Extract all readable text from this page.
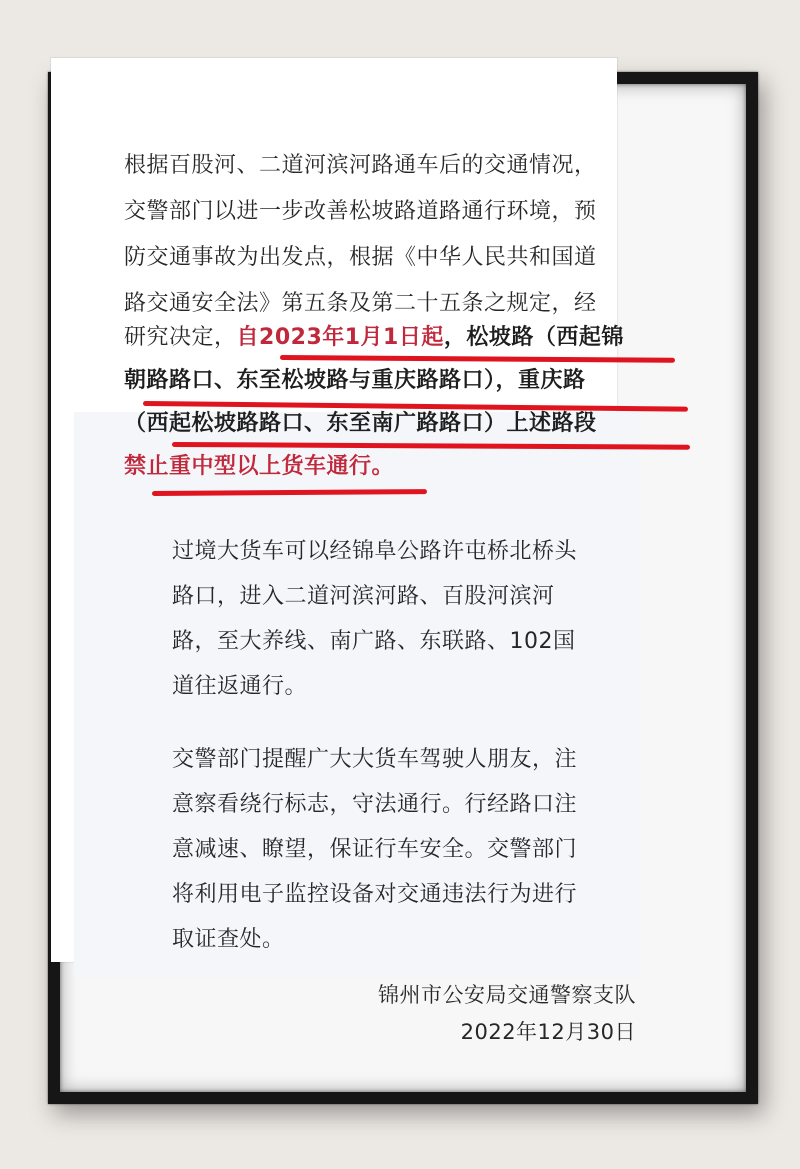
根据百股河、二道河滨河路通车后的交通情况，
交警部门以进一步改善松坡路道路通行环境，预
防交通事故为出发点，根据《中华人民共和国道
路交通安全法》第五条及第二十五条之规定，经
研究决定，自2023年1月1日起，松坡路（西起锦
朝路路口、东至松坡路与重庆路路口），重庆路
（西起松坡路路口、东至南广路路口）上述路段
禁止重中型以上货车通行。
过境大货车可以经锦阜公路许屯桥北桥头
路口，进入二道河滨河路、百股河滨河
路，至大养线、南广路、东联路、102国
道往返通行。
交警部门提醒广大大货车驾驶人朋友，注
意察看绕行标志，守法通行。行经路口注
意减速、瞭望，保证行车安全。交警部门
将利用电子监控设备对交通违法行为进行
取证查处。
锦州市公安局交通警察支队
2022年12月30日
